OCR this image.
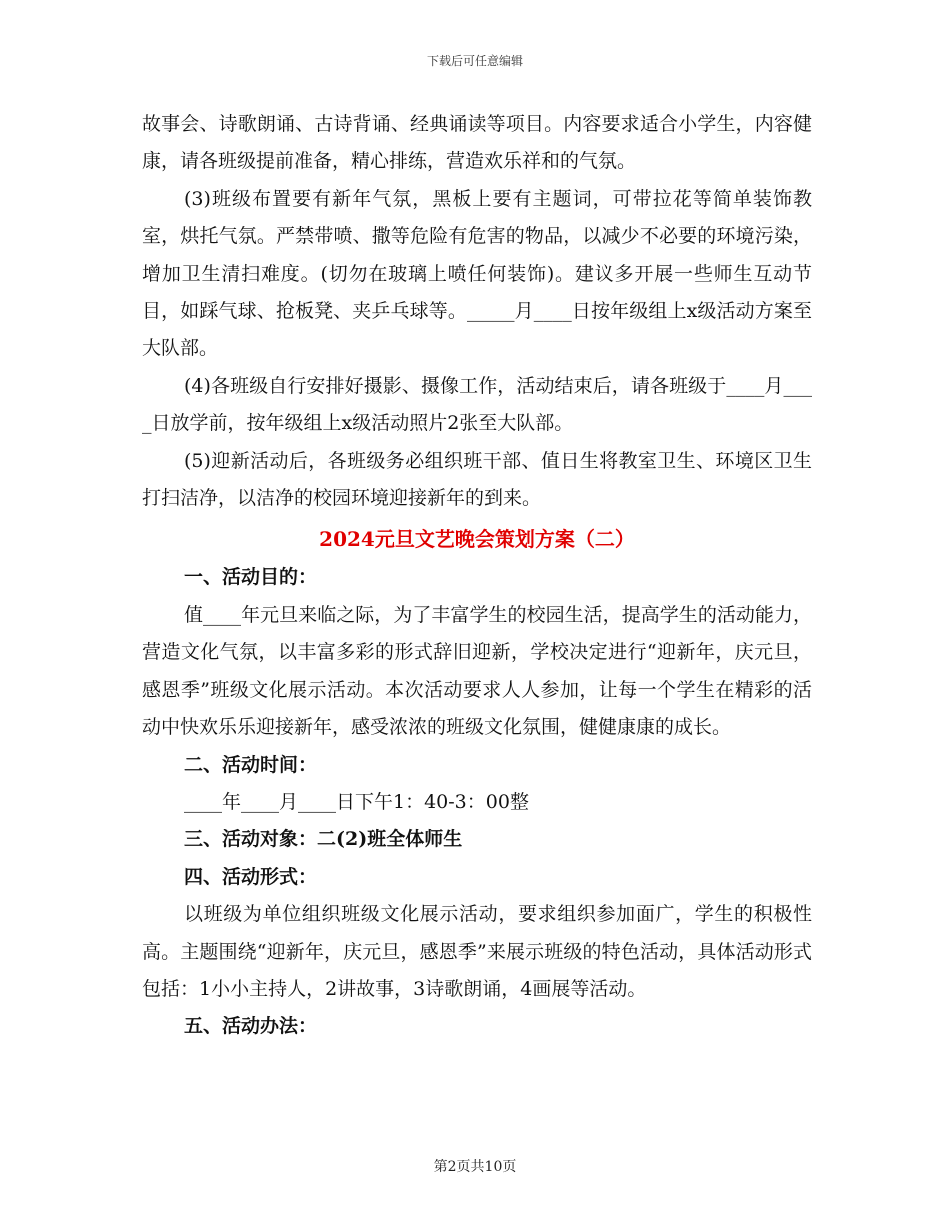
下载后可任意编辑

故事会、诗歌朗诵、古诗背诵、经典诵读等项目。内容要求适合小学生，内容健康，请各班级提前准备，精心排练，营造欢乐祥和的气氛。

(3)班级布置要有新年气氛，黑板上要有主题词，可带拉花等简单装饰教室，烘托气氛。严禁带喷、撒等危险有危害的物品，以减少不必要的环境污染，增加卫生清扫难度。(切勿在玻璃上喷任何装饰)。建议多开展一些师生互动节目，如踩气球、抢板凳、夹乒乓球等。_____月____日按年级组上x级活动方案至大队部。

(4)各班级自行安排好摄影、摄像工作，活动结束后，请各班级于____月____日放学前，按年级组上x级活动照片2张至大队部。

(5)迎新活动后，各班级务必组织班干部、值日生将教室卫生、环境区卫生打扫洁净，以洁净的校园环境迎接新年的到来。

2024元旦文艺晚会策划方案（二）

一、活动目的：

值____年元旦来临之际，为了丰富学生的校园生活，提高学生的活动能力，营造文化气氛，以丰富多彩的形式辞旧迎新，学校决定进行“迎新年，庆元旦，感恩季”班级文化展示活动。本次活动要求人人参加，让每一个学生在精彩的活动中快欢乐乐迎接新年，感受浓浓的班级文化氛围，健健康康的成长。

二、活动时间：

____年____月____日下午1：40-3：00整

三、活动对象：二(2)班全体师生

四、活动形式：

以班级为单位组织班级文化展示活动，要求组织参加面广，学生的积极性高。主题围绕“迎新年，庆元旦，感恩季”来展示班级的特色活动，具体活动形式包括：1小小主持人，2讲故事，3诗歌朗诵，4画展等活动。

五、活动办法：

第2页共10页
